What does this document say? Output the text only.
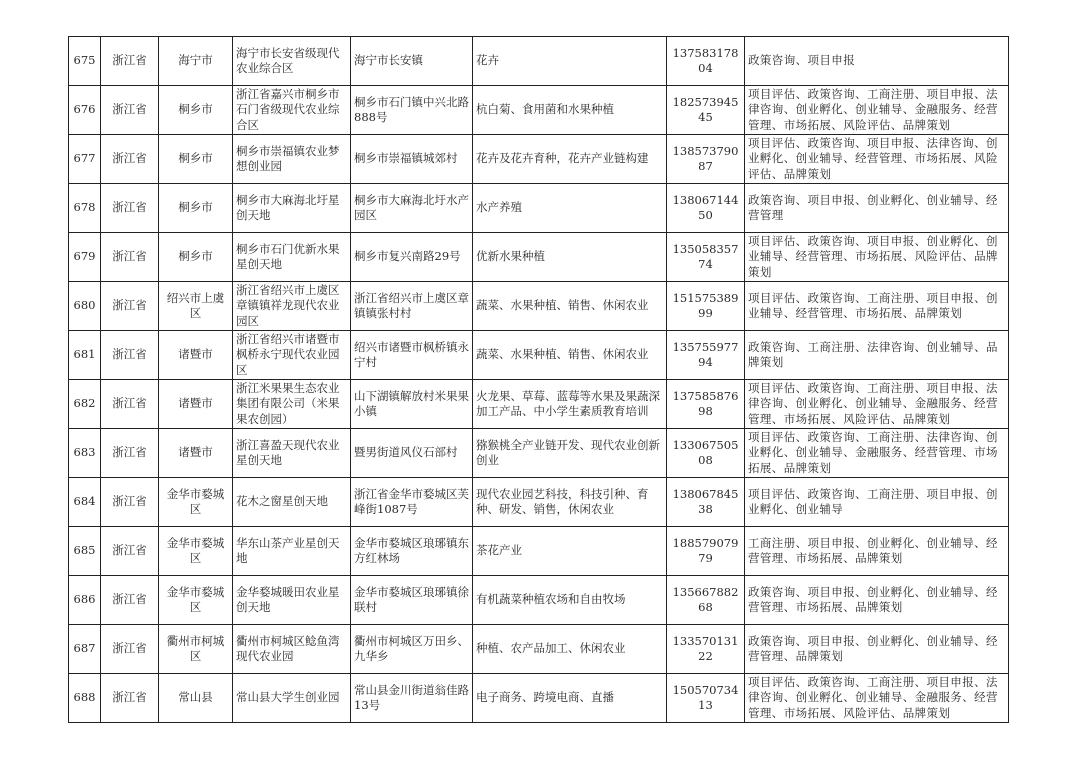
675	浙江省	海宁市	海宁市长安省级现代农业综合区	海宁市长安镇	花卉	13758317804	政策咨询、项目申报
676	浙江省	桐乡市	浙江省嘉兴市桐乡市石门省级现代农业综合区	桐乡市石门镇中兴北路888号	杭白菊、食用菌和水果种植	18257394545	项目评估、政策咨询、工商注册、项目申报、法律咨询、创业孵化、创业辅导、金融服务、经营管理、市场拓展、风险评估、品牌策划
677	浙江省	桐乡市	桐乡市崇福镇农业梦想创业园	桐乡市崇福镇城郊村	花卉及花卉育种，花卉产业链构建	13857379087	项目评估、政策咨询、项目申报、法律咨询、创业孵化、创业辅导、经营管理、市场拓展、风险评估、品牌策划
678	浙江省	桐乡市	桐乡市大麻海北圩星创天地	桐乡市大麻海北圩水产园区	水产养殖	13806714450	政策咨询、项目申报、创业孵化、创业辅导、经营管理
679	浙江省	桐乡市	桐乡市石门优新水果星创天地	桐乡市复兴南路29号	优新水果种植	13505835774	项目评估、政策咨询、项目申报、创业孵化、创业辅导、经营管理、市场拓展、风险评估、品牌策划
680	浙江省	绍兴市上虞区	浙江省绍兴市上虞区章镇镇祥龙现代农业园区	浙江省绍兴市上虞区章镇镇张村村	蔬菜、水果种植、销售、休闲农业	15157538999	项目评估、政策咨询、工商注册、项目申报、创业辅导、经营管理、市场拓展、品牌策划
681	浙江省	诸暨市	浙江省绍兴市诸暨市枫桥永宁现代农业园区	绍兴市诸暨市枫桥镇永宁村	蔬菜、水果种植、销售、休闲农业	13575597794	政策咨询、工商注册、法律咨询、创业辅导、品牌策划
682	浙江省	诸暨市	浙江米果果生态农业集团有限公司（米果果农创园）	山下湖镇解放村米果果小镇	火龙果、草莓、蓝莓等水果及果蔬深加工产品、中小学生素质教育培训	13758587698	项目评估、政策咨询、工商注册、项目申报、法律咨询、创业孵化、创业辅导、金融服务、经营管理、市场拓展、风险评估、品牌策划
683	浙江省	诸暨市	浙江喜盈天现代农业星创天地	暨男街道风仪石部村	猕猴桃全产业链开发、现代农业创新创业	13306750508	项目评估、政策咨询、工商注册、法律咨询、创业孵化、创业辅导、金融服务、经营管理、市场拓展、品牌策划
684	浙江省	金华市婺城区	花木之窗星创天地	浙江省金华市婺城区芙峰街1087号	现代农业园艺科技，科技引种、育种、研发、销售，休闲农业	13806784538	项目评估、政策咨询、工商注册、项目申报、创业孵化、创业辅导
685	浙江省	金华市婺城区	华东山茶产业星创天地	金华市婺城区琅琊镇东方红林场	茶花产业	18857907979	工商注册、项目申报、创业孵化、创业辅导、经营管理、市场拓展、品牌策划
686	浙江省	金华市婺城区	金华婺城暖田农业星创天地	金华市婺城区琅琊镇徐联村	有机蔬菜种植农场和自由牧场	13566788268	政策咨询、项目申报、创业孵化、创业辅导、经营管理、市场拓展、品牌策划
687	浙江省	衢州市柯城区	衢州市柯城区鲶鱼湾现代农业园	衢州市柯城区万田乡、九华乡	种植、农产品加工、休闲农业	13357013122	政策咨询、项目申报、创业孵化、创业辅导、经营管理、品牌策划
688	浙江省	常山县	常山县大学生创业园	常山县金川街道翁佳路13号	电子商务、跨境电商、直播	15057073413	项目评估、政策咨询、工商注册、项目申报、法律咨询、创业孵化、创业辅导、金融服务、经营管理、市场拓展、风险评估、品牌策划
